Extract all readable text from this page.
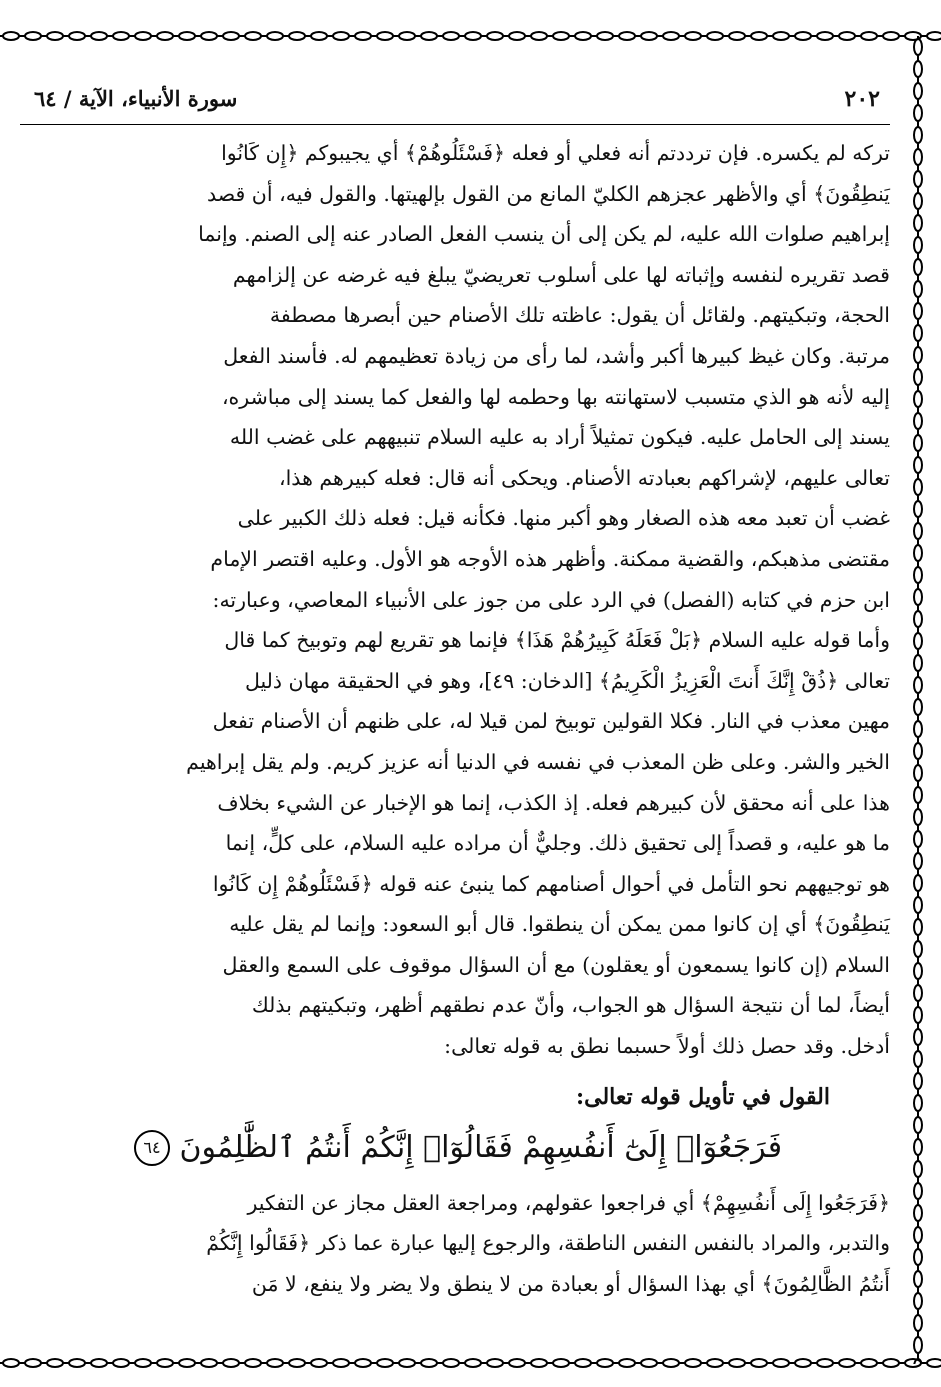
٢٠٢
سورة الأنبياء، الآية / ٦٤

تركه لم يكسره. فإن ترددتم أنه فعلي أو فعله ﴿فَسْئَلُوهُمْ﴾ أي يجيبوكم ﴿إِن كَانُوا

يَنطِقُونَ﴾ أي والأظهر عجزهم الكليّ المانع من القول بإلهيتها. والقول فيه، أن قصد

إبراهيم صلوات الله عليه، لم يكن إلى أن ينسب الفعل الصادر عنه إلى الصنم. وإنما

قصد تقريره لنفسه وإثباته لها على أسلوب تعريضيّ يبلغ فيه غرضه عن إلزامهم

الحجة، وتبكيتهم. ولقائل أن يقول: عاظته تلك الأصنام حين أبصرها مصطفة

مرتبة. وكان غيظ كبيرها أكبر وأشد، لما رأى من زيادة تعظيمهم له. فأسند الفعل

إليه لأنه هو الذي متسبب لاستهانته بها وحطمه لها والفعل كما يسند إلى مباشره،

يسند إلى الحامل عليه. فيكون تمثيلاً أراد به عليه السلام تنبيههم على غضب الله

تعالى عليهم، لإشراكهم بعبادته الأصنام. ويحكى أنه قال: فعله كبيرهم هذا،

غضب أن تعبد معه هذه الصغار وهو أكبر منها. فكأنه قيل: فعله ذلك الكبير على

مقتضى مذهبكم، والقضية ممكنة. وأظهر هذه الأوجه هو الأول. وعليه اقتصر الإمام

ابن حزم في كتابه (الفصل) في الرد على من جوز على الأنبياء المعاصي، وعبارته:

وأما قوله عليه السلام ﴿بَلْ فَعَلَهُ كَبِيرُهُمْ هَذَا﴾ فإنما هو تقريع لهم وتوبيخ كما قال

تعالى ﴿ذُقْ إِنَّكَ أَنتَ الْعَزِيزُ الْكَرِيمُ﴾ [الدخان: ٤٩]، وهو في الحقيقة مهان ذليل

مهين معذب في النار. فكلا القولين توبيخ لمن قيلا له، على ظنهم أن الأصنام تفعل

الخير والشر. وعلى ظن المعذب في نفسه في الدنيا أنه عزيز كريم. ولم يقل إبراهيم

هذا على أنه محقق لأن كبيرهم فعله. إذ الكذب، إنما هو الإخبار عن الشيء بخلاف

ما هو عليه، و قصداً إلى تحقيق ذلك. وجليٌّ أن مراده عليه السلام، على كلٍّ، إنما

هو توجيههم نحو التأمل في أحوال أصنامهم كما ينبئ عنه قوله ﴿فَسْئَلُوهُمْ إِن كَانُوا

يَنطِقُونَ﴾ أي إن كانوا ممن يمكن أن ينطقوا. قال أبو السعود: وإنما لم يقل عليه

السلام (إن كانوا يسمعون أو يعقلون) مع أن السؤال موقوف على السمع والعقل

أيضاً، لما أن نتيجة السؤال هو الجواب، وأنّ عدم نطقهم أظهر، وتبكيتهم بذلك

أدخل. وقد حصل ذلك أولاً حسبما نطق به قوله تعالى:

القول في تأويل قوله تعالى:
فَرَجَعُوٓا۟ إِلَىٰٓ أَنفُسِهِمْ فَقَالُوٓا۟ إِنَّكُمْ أَنتُمُ ٱلظَّٰلِمُونَ ٦٤

﴿فَرَجَعُوا إِلَى أَنفُسِهِمْ﴾ أي فراجعوا عقولهم، ومراجعة العقل مجاز عن التفكير

والتدبر، والمراد بالنفس النفس الناطقة، والرجوع إليها عبارة عما ذكر ﴿فَقَالُوا إِنَّكُمْ

أَنتُمُ الظَّالِمُونَ﴾ أي بهذا السؤال أو بعبادة من لا ينطق ولا يضر ولا ينفع، لا مَن
